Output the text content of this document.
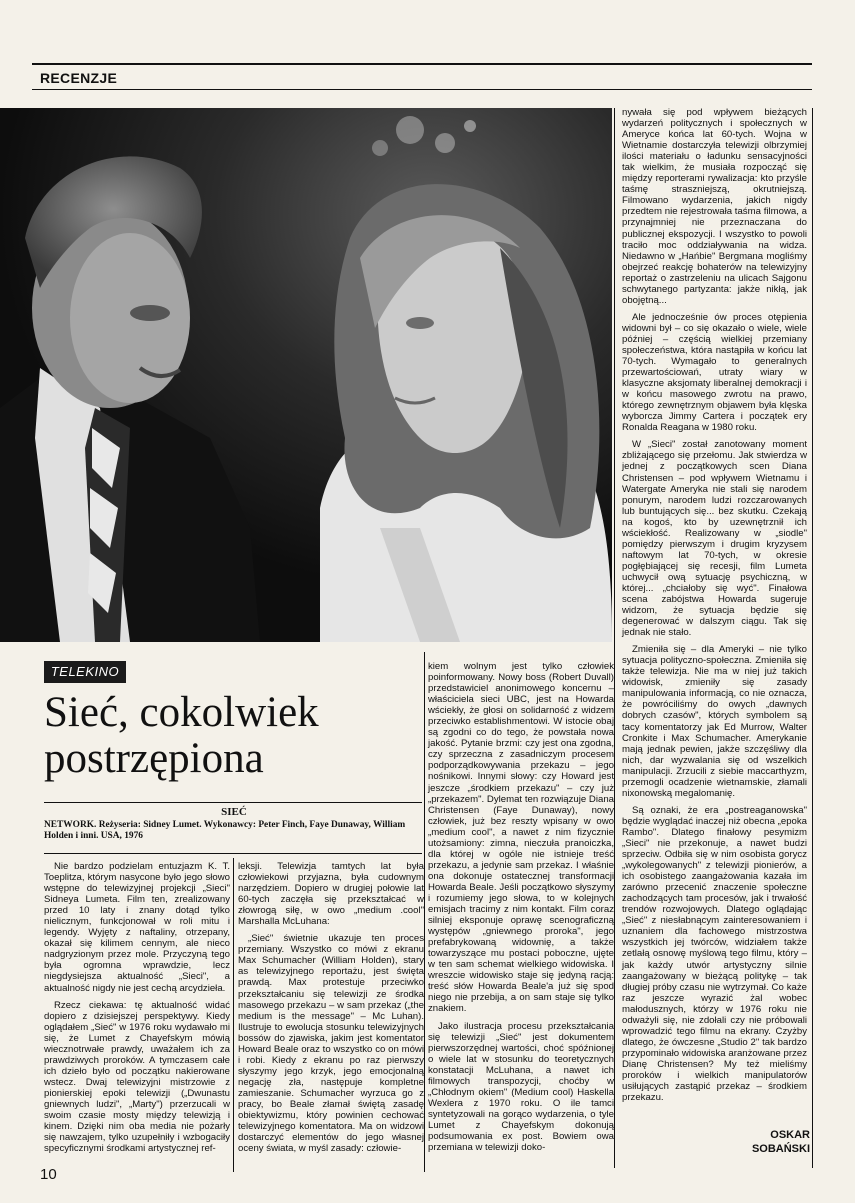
RECENZJE

nywała się pod wpływem bieżących wydarzeń politycznych i społecznych w Ameryce końca lat 60-tych. Wojna w Wietnamie dostarczyła telewizji olbrzymiej ilości materiału o ładunku sensacyjności tak wielkim, że musiała rozpocząć się między reporterami rywalizacja: kto przyśle taśmę straszniejszą, okrutniejszą. Filmowano wydarzenia, jakich nigdy przedtem nie rejestrowała taśma filmowa, a przynajmniej nie przeznaczana do publicznej ekspozycji. I wszystko to powoli traciło moc oddziaływania na widza. Niedawno w „Hańbie" Bergmana mogliśmy obejrzeć reakcję bohaterów na telewizyjny reportaż o zastrzeleniu na ulicach Sajgonu schwytanego partyzanta: jakże nikłą, jak obojętną...

Ale jednocześnie ów proces otępienia widowni był – co się okazało o wiele, wiele później – częścią wielkiej przemiany społeczeństwa, która nastąpiła w końcu lat 70-tych. Wymagało to generalnych przewartościowań, utraty wiary w klasyczne aksjomaty liberalnej demokracji i w końcu masowego zwrotu na prawo, którego zewnętrznym objawem była klęska wyborcza Jimmy Cartera i początek ery Ronalda Reagana w 1980 roku.

W „Sieci" został zanotowany moment zbliżającego się przełomu. Jak stwierdza w jednej z początkowych scen Diana Christensen – pod wpływem Wietnamu i Watergate Ameryka nie stali się narodem ponurym, narodem ludzi rozczarowanych lub buntujących się... bez skutku. Czekają na kogoś, kto by uzewnętrznił ich wściekłość. Realizowany w „siodle" pomiędzy pierwszym i drugim kryzysem naftowym lat 70-tych, w okresie pogłębiającej się recesji, film Lumeta uchwycił ową sytuację psychiczną, w której... „chciałoby się wyć". Finałowa scena zabójstwa Howarda sugeruje widzom, że sytuacja będzie się degenerować w dalszym ciągu. Tak się jednak nie stało.

Zmieniła się – dla Ameryki – nie tylko sytuacja polityczno-społeczna. Zmieniła się także telewizja. Nie ma w niej już takich widowisk, zmieniły się zasady manipulowania informacją, co nie oznacza, że powróciliśmy do owych „dawnych dobrych czasów", których symbolem są tacy komentatorzy jak Ed Murrow, Walter Cronkite i Max Schumacher. Amerykanie mają jednak pewien, jakże szczęśliwy dla nich, dar wyzwalania się od wszelkich manipulacji. Zrzucili z siebie maccarthyzm, przemogli ocadzenie wietnamskie, złamali nixonowską megalomanię.

Są oznaki, że era „postreaganowska" będzie wyglądać inaczej niż obecna „epoka Rambo". Dlatego finałowy pesymizm „Sieci" nie przekonuje, a nawet budzi sprzeciw. Odbiła się w nim osobista gorycz „wykolegowanych" z telewizji pionierów, a ich osobistego zaangażowania kazała im zarówno przecenić znaczenie społeczne zachodzących tam procesów, jak i trwałość trendów rozwojowych. Dlatego oglądając „Sieć" z niesłabnącym zainteresowaniem i uznaniem dla fachowego mistrzostwa wszystkich jej twórców, widziałem także zetlałą osnowę myślową tego filmu, który – jak każdy utwór artystyczny silnie zaangażowany w bieżącą politykę – tak długiej próby czasu nie wytrzymał. Co każe raz jeszcze wyrazić żal wobec małodusznych, którzy w 1976 roku nie odważyli się, nie zdołali czy nie próbowali wprowadzić tego filmu na ekrany. Czyżby dlatego, że ówczesne „Studio 2" tak bardzo przypominało widowiska aranżowane przez Dianę Christensen? My też mieliśmy proroków i wielkich manipulatorów usiłujących zastąpić przekaz – środkiem przekazu.

TELEKINO
Sieć, cokolwiek
postrzępiona
SIEĆ
NETWORK. Reżyseria: Sidney Lumet. Wykonawcy: Peter Finch, Faye Dunaway, William Holden i inni. USA, 1976

Nie bardzo podzielam entuzjazm K. T. Toeplitza, którym nasycone było jego słowo wstępne do telewizyjnej projekcji „Sieci" Sidneya Lumeta. Film ten, zrealizowany przed 10 laty i znany dotąd tylko nielicznym, funkcjonował w roli mitu i legendy. Wyjęty z naftaliny, otrzepany, okazał się kilimem cennym, ale nieco nadgryzionym przez mole. Przyczyną tego była ogromna wprawdzie, lecz niegdysiejsza aktualność „Sieci", a aktualność nigdy nie jest cechą arcydzieła.

Rzecz ciekawa: tę aktualność widać dopiero z dzisiejszej perspektywy. Kiedy oglądałem „Sieć" w 1976 roku wydawało mi się, że Lumet z Chayefskym mówią wiecznotrwałe prawdy, uważałem ich za prawdziwych proroków. A tymczasem całe ich dzieło było od początku nakierowane wstecz. Dwaj telewizyjni mistrzowie z pionierskiej epoki telewizji („Dwunastu gniewnych ludzi", „Marty") przerzucali w swoim czasie mosty między telewizją i kinem. Dzięki nim oba media nie pożarły się nawzajem, tylko uzupełniły i wzbogaciły specyficznymi środkami artystycznej ref-

leksji. Telewizja tamtych lat była człowiekowi przyjazna, była cudownym narzędziem. Dopiero w drugiej połowie lat 60-tych zaczęła się przekształcać w złowrogą siłę, w owo „medium .cool" Marshalla McLuhana:

„Sieć" świetnie ukazuje ten proces przemiany. Wszystko co mówi z ekranu Max Schumacher (William Holden), stary as telewizyjnego reportażu, jest święta prawdą. Max protestuje przeciwko przekształcaniu się telewizji ze środka masowego przekazu – w sam przekaz („the medium is the message" – Mc Luhan). Ilustruje to ewolucja stosunku telewizyjnych bossów do zjawiska, jakim jest komentator Howard Beale oraz to wszystko co on mówi i robi. Kiedy z ekranu po raz pierwszy słyszymy jego krzyk, jego emocjonalną negację zła, następuje kompletne zamieszanie. Schumacher wyrzuca go z pracy, bo Beale złamał świętą zasadę obiektywizmu, który powinien cechować telewizyjnego komentatora. Ma on widzowi dostarczyć elementów do jego własnej oceny świata, w myśl zasady: człowie-

kiem wolnym jest tylko człowiek poinformowany. Nowy boss (Robert Duvall) przedstawiciel anonimowego koncernu – właściciela sieci UBC, jest na Howarda wściekły, że głosi on solidarność z widzem przeciwko establishmentowi. W istocie obaj są zgodni co do tego, że powstała nowa jakość. Pytanie brzmi: czy jest ona zgodna, czy sprzeczna z zasadniczym procesem podporządkowywania przekazu – jego nośnikowi. Innymi słowy: czy Howard jest jeszcze „środkiem przekazu" – czy już „przekazem". Dylemat ten rozwiązuje Diana Christensen (Faye Dunaway), nowy człowiek, już bez reszty wpisany w owo „medium cool", a nawet z nim fizycznie utożsamiony: zimna, nieczuła pranoiczka, dla której w ogóle nie istnieje treść przekazu, a jedynie sam przekaz. I właśnie ona dokonuje ostatecznej transformacji Howarda Beale. Jeśli początkowo słyszymy i rozumiemy jego słowa, to w kolejnych emisjach tracimy z nim kontakt. Film coraz silniej eksponuje oprawę scenograficzną występów „gniewnego proroka", jego prefabrykowaną widownię, a także towarzyszące mu postaci poboczne, ujęte w ten sam schemat wielkiego widowiska. I wreszcie widowisko staje się jedyną racją: treść słów Howarda Beale'a już się spod niego nie przebija, a on sam staje się tylko znakiem.

Jako ilustracja procesu przekształcania się telewizji „Sieć" jest dokumentem pierwszorzędnej wartości, choć spóźnionej o wiele lat w stosunku do teoretycznych konstatacji McLuhana, a nawet ich filmowych transpozycji, choćby w „Chłodnym okiem" (Medium cool) Haskella Wexlera z 1970 roku. O ile tamci syntetyzowali na gorąco wydarzenia, o tyle Lumet z Chayefskym dokonują podsumowania ex post. Bowiem owa przemiana w telewizji doko-

OSKAR
SOBAŃSKI
10
